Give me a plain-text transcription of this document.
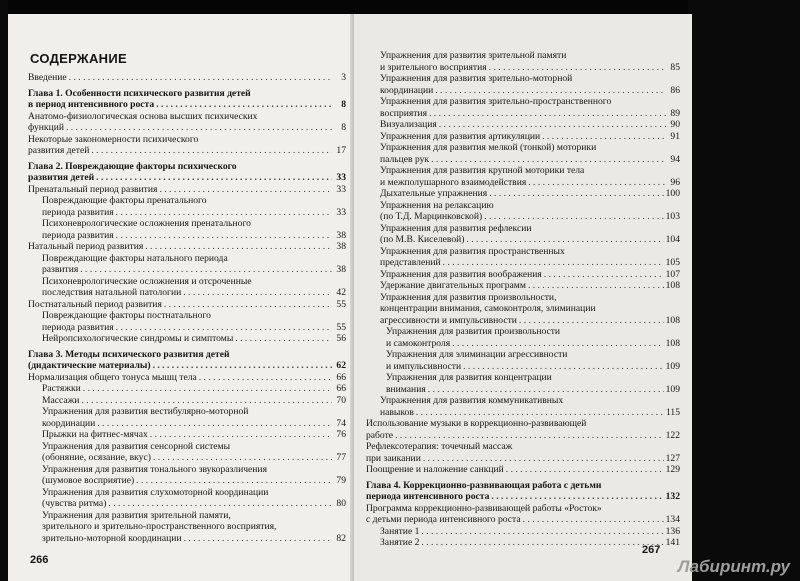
СОДЕРЖАНИЕ
Введение . . .	3
Глава 1. Особенности психического развития детей
в период интенсивного роста . . .	8
Анатомо-физиологическая основа высших психических
функций . . .	8
Некоторые закономерности психического
развития детей . . .	17
Глава 2. Повреждающие факторы психического
развития детей . . .	33
Пренатальный период развития . . .	33
Повреждающие факторы пренатального
периода развития . . .	33
Психоневрологические осложнения пренатального
периода развития . . .	38
Натальный период развития . . .	38
Повреждающие факторы натального периода
развития . . .	38
Психоневрологические осложнения и отсроченные
последствия натальной патологии . . .	42
Постнатальный период развития . . .	55
Повреждающие факторы постнатального
периода развития . . .	55
Нейропсихологические синдромы и симптомы . . .	56
Глава 3. Методы психического развития детей
(дидактические материалы) . . .	62
Нормализация общего тонуса мышц тела . . .	66
Растяжки . . .	66
Массажи . . .	70
Упражнения для развития вестибулярно-моторной
координации . . .	74
Прыжки на фитнес-мячах . . .	76
Упражнения для развития сенсорной системы
(обоняние, осязание, вкус) . . .	77
Упражнения для развития тонального звукоразличения
(шумовое восприятие) . . .	79
Упражнения для развития слухомоторной координации
(чувства ритма) . . .	80
Упражнения для развития зрительной памяти,
зрительного и зрительно-пространственного восприятия,
зрительно-моторной координации . . .	82
266
Упражнения для развития зрительной памяти
и зрительного восприятия . . .	85
Упражнения для развития зрительно-моторной
координации . . .	86
Упражнения для развития зрительно-пространственного
восприятия . . .	89
Визуализация . . .	90
Упражнения для развития артикуляции . . .	91
Упражнения для развития мелкой (тонкой) моторики
пальцев рук . . .	94
Упражнения для развития крупной моторики тела
и межполушарного взаимодействия . . .	96
Дыхательные упражнения . . .	100
Упражнения на релаксацию
(по Т.Д. Марцинковской) . . .	103
Упражнения для развития рефлексии
(по М.В. Киселевой) . . .	104
Упражнения для развития пространственных
представлений . . .	105
Упражнения для развития воображения . . .	107
Удержание двигательных программ . . .	108
Упражнения для развития произвольности,
концентрации внимания, самоконтроля, элиминации
агрессивности и импульсивности . . .	108
Упражнения для развития произвольности
и самоконтроля . . .	108
Упражнения для элиминации агрессивности
и импульсивности . . .	109
Упражнения для развития концентрации
внимания . . .	109
Упражнения для развития коммуникативных
навыков . . .	115
Использование музыки в коррекционно-развивающей
работе . . .	122
Рефлексотерапия: точечный массаж
при заикании . . .	127
Поощрение и наложение санкций . . .	129
Глава 4. Коррекционно-развивающая работа с детьми
периода интенсивного роста . . .	132
Программа коррекционно-развивающей работы «Росток»
с детьми периода интенсивного роста . . .	134
Занятие 1 . . .	136
Занятие 2 . . .	141
267
Лабиринт.ру
